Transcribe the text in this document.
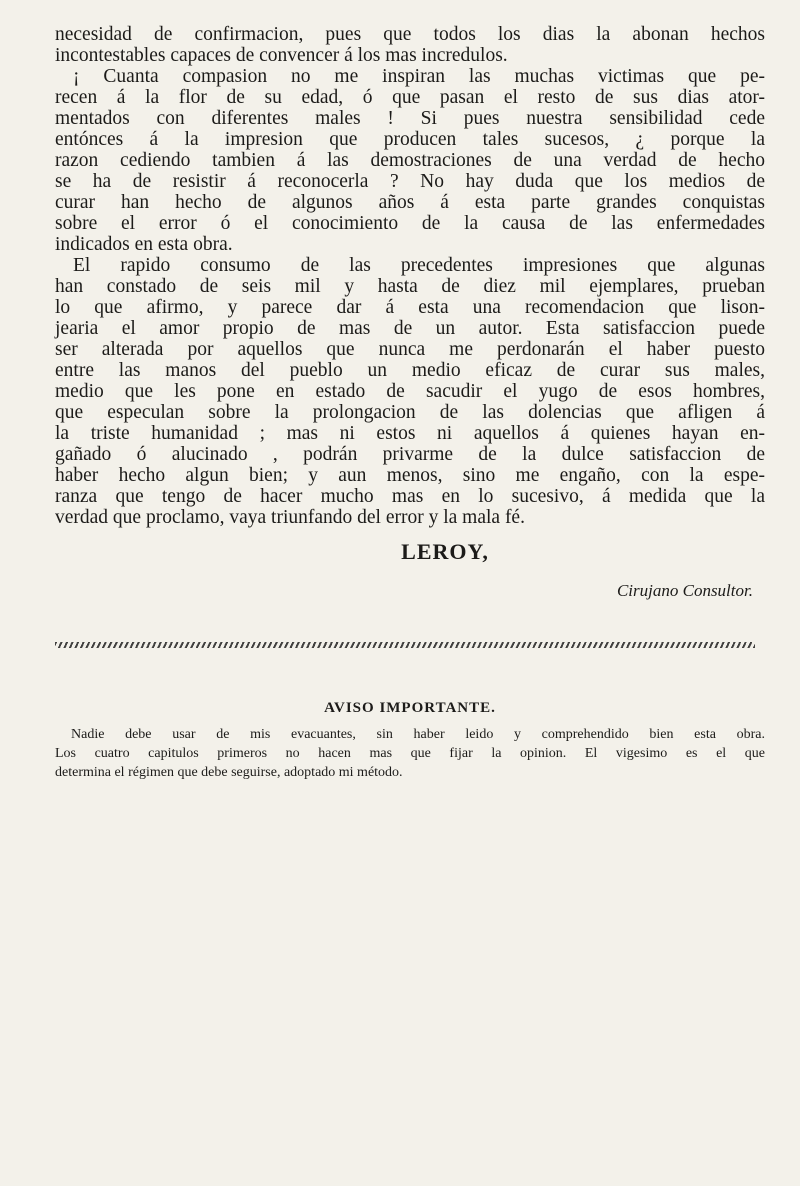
necesidad de confirmacion, pues que todos los dias la abonan hechos
incontestables capaces de convencer á los mas incredulos.
¡ Cuanta compasion no me inspiran las muchas victimas que pe-
recen á la flor de su edad, ó que pasan el resto de sus dias ator-
mentados con diferentes males ! Si pues nuestra sensibilidad cede
entónces á la impresion que producen tales sucesos, ¿ porque la
razon cediendo tambien á las demostraciones de una verdad de hecho
se ha de resistir á reconocerla ? No hay duda que los medios de
curar han hecho de algunos años á esta parte grandes conquistas
sobre el error ó el conocimiento de la causa de las enfermedades
indicados en esta obra.
El rapido consumo de las precedentes impresiones que algunas
han constado de seis mil y hasta de diez mil ejemplares, prueban
lo que afirmo, y parece dar á esta una recomendacion que lison-
jearia el amor propio de mas de un autor. Esta satisfaccion puede
ser alterada por aquellos que nunca me perdonarán el haber puesto
entre las manos del pueblo un medio eficaz de curar sus males,
medio que les pone en estado de sacudir el yugo de esos hombres,
que especulan sobre la prolongacion de las dolencias que afligen á
la triste humanidad ; mas ni estos ni aquellos á quienes hayan en-
gañado ó alucinado , podrán privarme de la dulce satisfaccion de
haber hecho algun bien; y aun menos, sino me engaño, con la espe-
ranza que tengo de hacer mucho mas en lo sucesivo, á medida que la
verdad que proclamo, vaya triunfando del error y la mala fé.
LEROY,
Cirujano Consultor.
AVISO IMPORTANTE.
Nadie debe usar de mis evacuantes, sin haber leido y comprehendido bien esta obra.
Los cuatro capitulos primeros no hacen mas que fijar la opinion. El vigesimo es el que
determina el régimen que debe seguirse, adoptado mi método.
